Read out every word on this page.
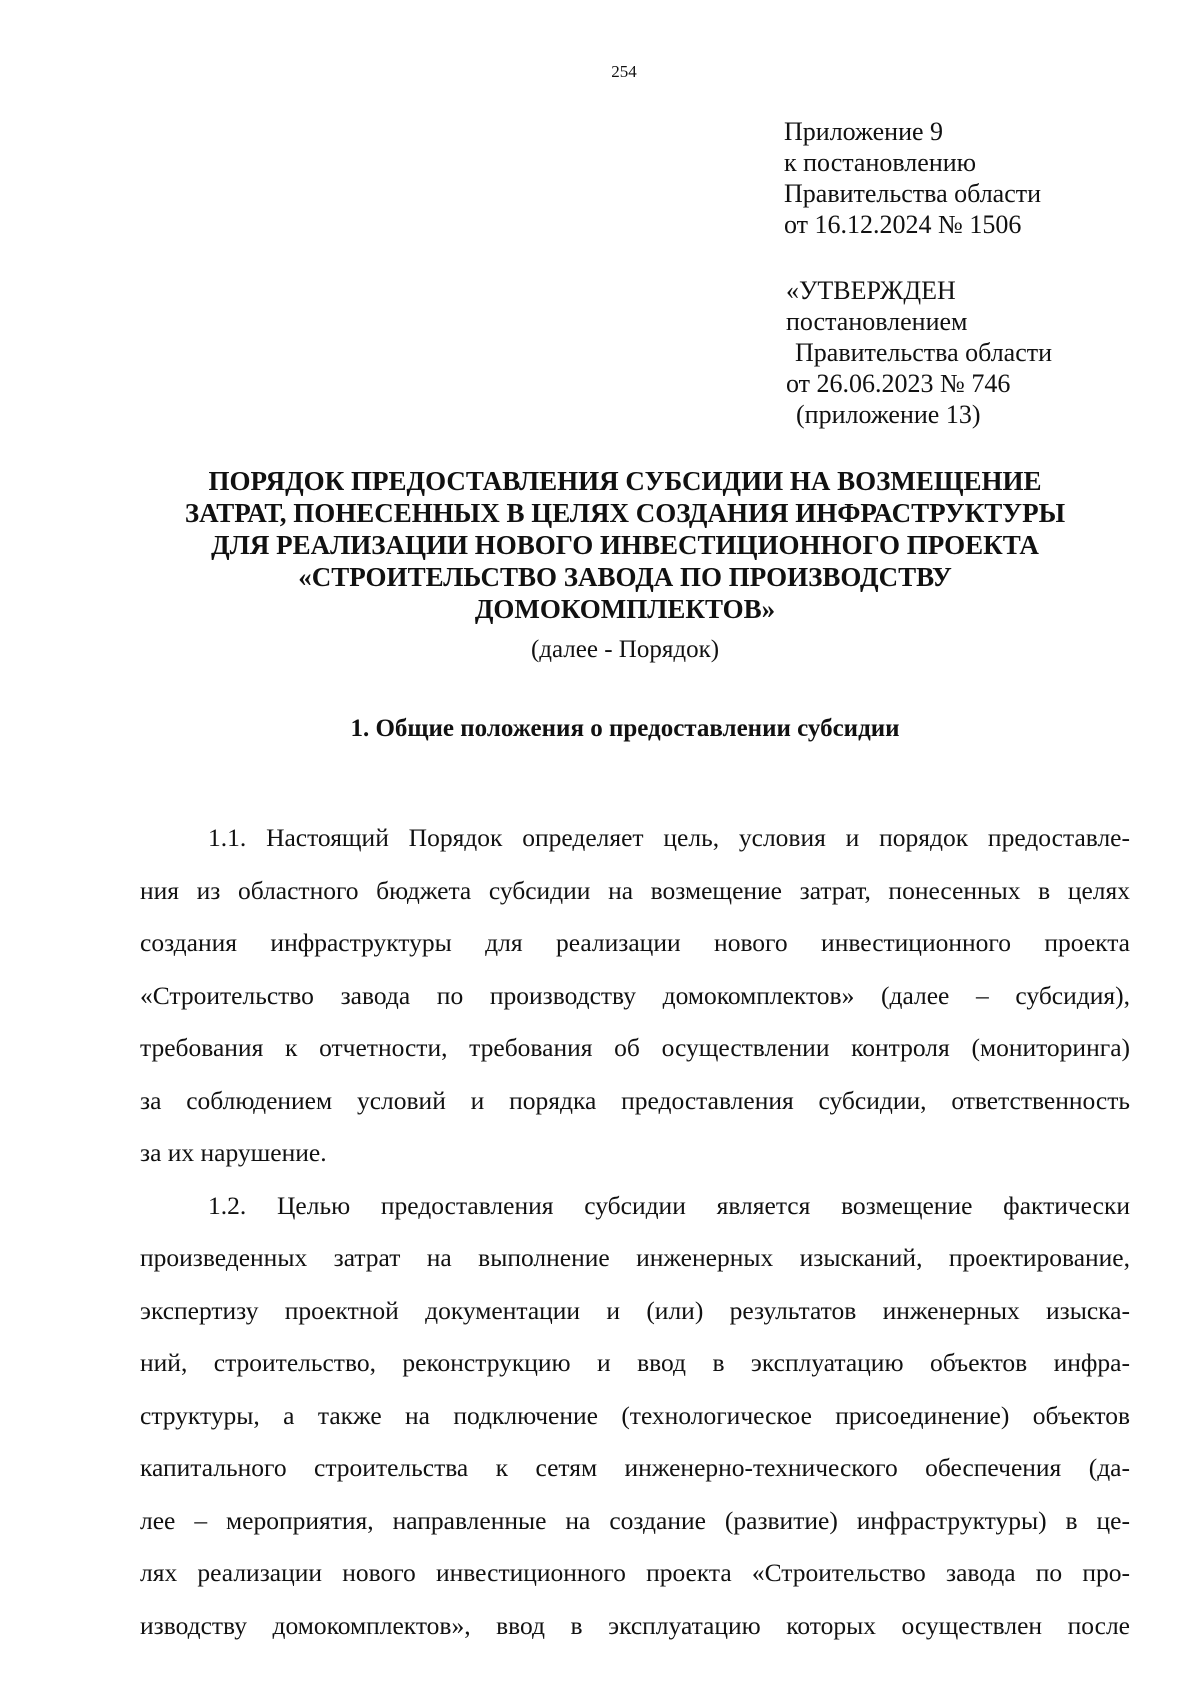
254
Приложение 9
к постановлению
Правительства области
от 16.12.2024 № 1506
«УТВЕРЖДЕН
постановлением
Правительства области
от 26.06.2023 № 746
(приложение 13)
ПОРЯДОК ПРЕДОСТАВЛЕНИЯ СУБСИДИИ НА ВОЗМЕЩЕНИЕ
ЗАТРАТ, ПОНЕСЕННЫХ В ЦЕЛЯХ СОЗДАНИЯ ИНФРАСТРУКТУРЫ
ДЛЯ РЕАЛИЗАЦИИ НОВОГО ИНВЕСТИЦИОННОГО ПРОЕКТА
«СТРОИТЕЛЬСТВО ЗАВОДА ПО ПРОИЗВОДСТВУ
ДОМОКОМПЛЕКТОВ»
(далее - Порядок)
1. Общие положения о предоставлении субсидии
1.1. Настоящий Порядок определяет цель, условия и порядок предоставле-
ния из областного бюджета субсидии на возмещение затрат, понесенных в целях
создания инфраструктуры для реализации нового инвестиционного проекта
«Строительство завода по производству домокомплектов» (далее – субсидия),
требования к отчетности, требования об осуществлении контроля (мониторинга)
за соблюдением условий и порядка предоставления субсидии, ответственность
за их нарушение.
1.2. Целью предоставления субсидии является возмещение фактически
произведенных затрат на выполнение инженерных изысканий, проектирование,
экспертизу проектной документации и (или) результатов инженерных изыска-
ний, строительство, реконструкцию и ввод в эксплуатацию объектов инфра-
структуры, а также на подключение (технологическое присоединение) объектов
капитального строительства к сетям инженерно-технического обеспечения (да-
лее – мероприятия, направленные на создание (развитие) инфраструктуры) в це-
лях реализации нового инвестиционного проекта «Строительство завода по про-
изводству домокомплектов», ввод в эксплуатацию которых осуществлен после
